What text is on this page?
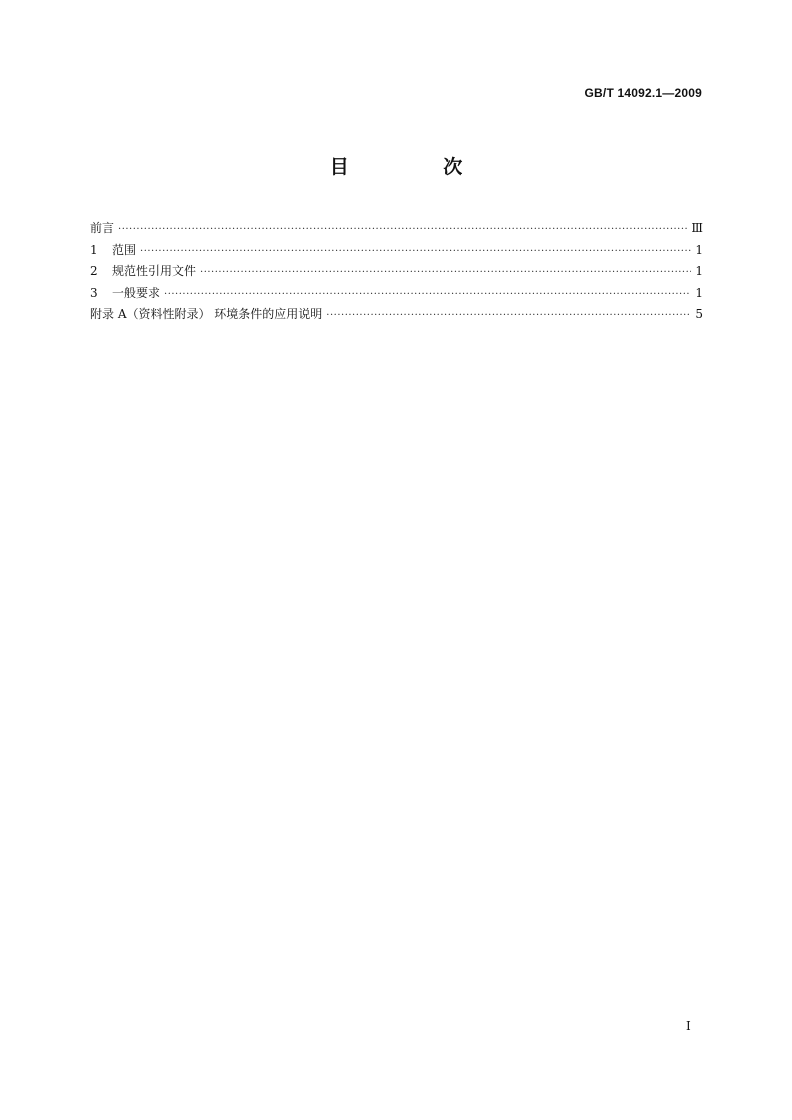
GB/T 14092.1—2009
目 次
前言 ·····	Ⅲ
1 范围 ·····	1
2 规范性引用文件 ·····	1
3 一般要求 ·····	1
附录 A（资料性附录） 环境条件的应用说明 ·····	5
I
